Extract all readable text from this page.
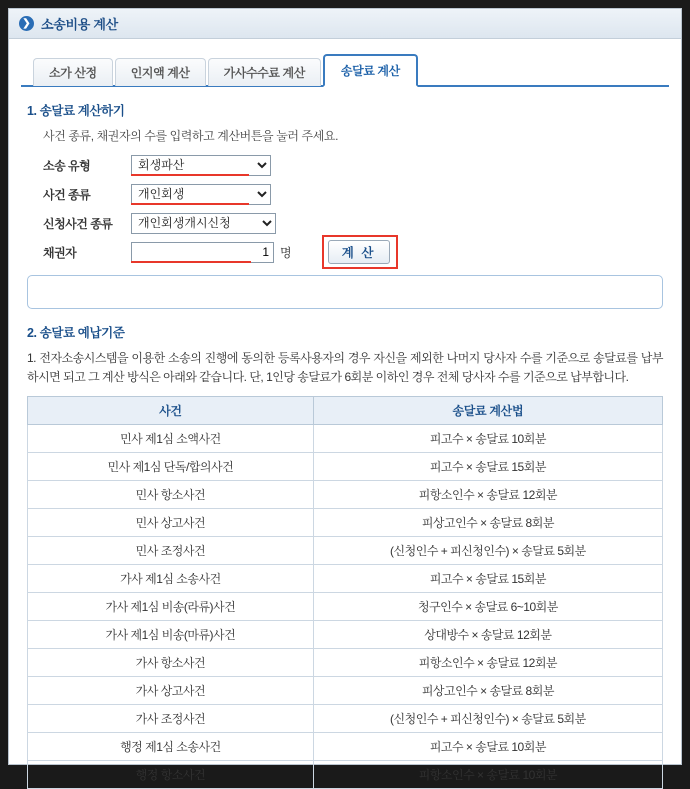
❯ 소송비용 계산
소가 산정	인지액 계산	가사수수료 계산	송달료 계산
1. 송달료 계산하기
사건 종류, 채권자의 수를 입력하고 계산버튼을 눌러 주세요.
소송 유형
회생파산
사건 종류
개인회생
신청사건 종류
개인회생개시신청
채권자
1	명	계 산
2. 송달료 예납기준
1. 전자소송시스템을 이용한 소송의 진행에 동의한 등록사용자의 경우 자신을 제외한 나머지 당사자 수를 기준으로 송달료를 납부하시면 되고 그 계산 방식은 아래와 같습니다. 단, 1인당 송달료가 6회분 이하인 경우 전체 당사자 수를 기준으로 납부합니다.
사건	송달료 계산법
민사 제1심 소액사건	피고수 × 송달료 10회분
민사 제1심 단독/합의사건	피고수 × 송달료 15회분
민사 항소사건	피항소인수 × 송달료 12회분
민사 상고사건	피상고인수 × 송달료 8회분
민사 조정사건	(신청인수 + 피신청인수) × 송달료 5회분
가사 제1심 소송사건	피고수 × 송달료 15회분
가사 제1심 비송(라류)사건	청구인수 × 송달료 6~10회분
가사 제1심 비송(마류)사건	상대방수 × 송달료 12회분
가사 항소사건	피항소인수 × 송달료 12회분
가사 상고사건	피상고인수 × 송달료 8회분
가사 조정사건	(신청인수 + 피신청인수) × 송달료 5회분
행정 제1심 소송사건	피고수 × 송달료 10회분
행정 항소사건	피항소인수 × 송달료 10회분
